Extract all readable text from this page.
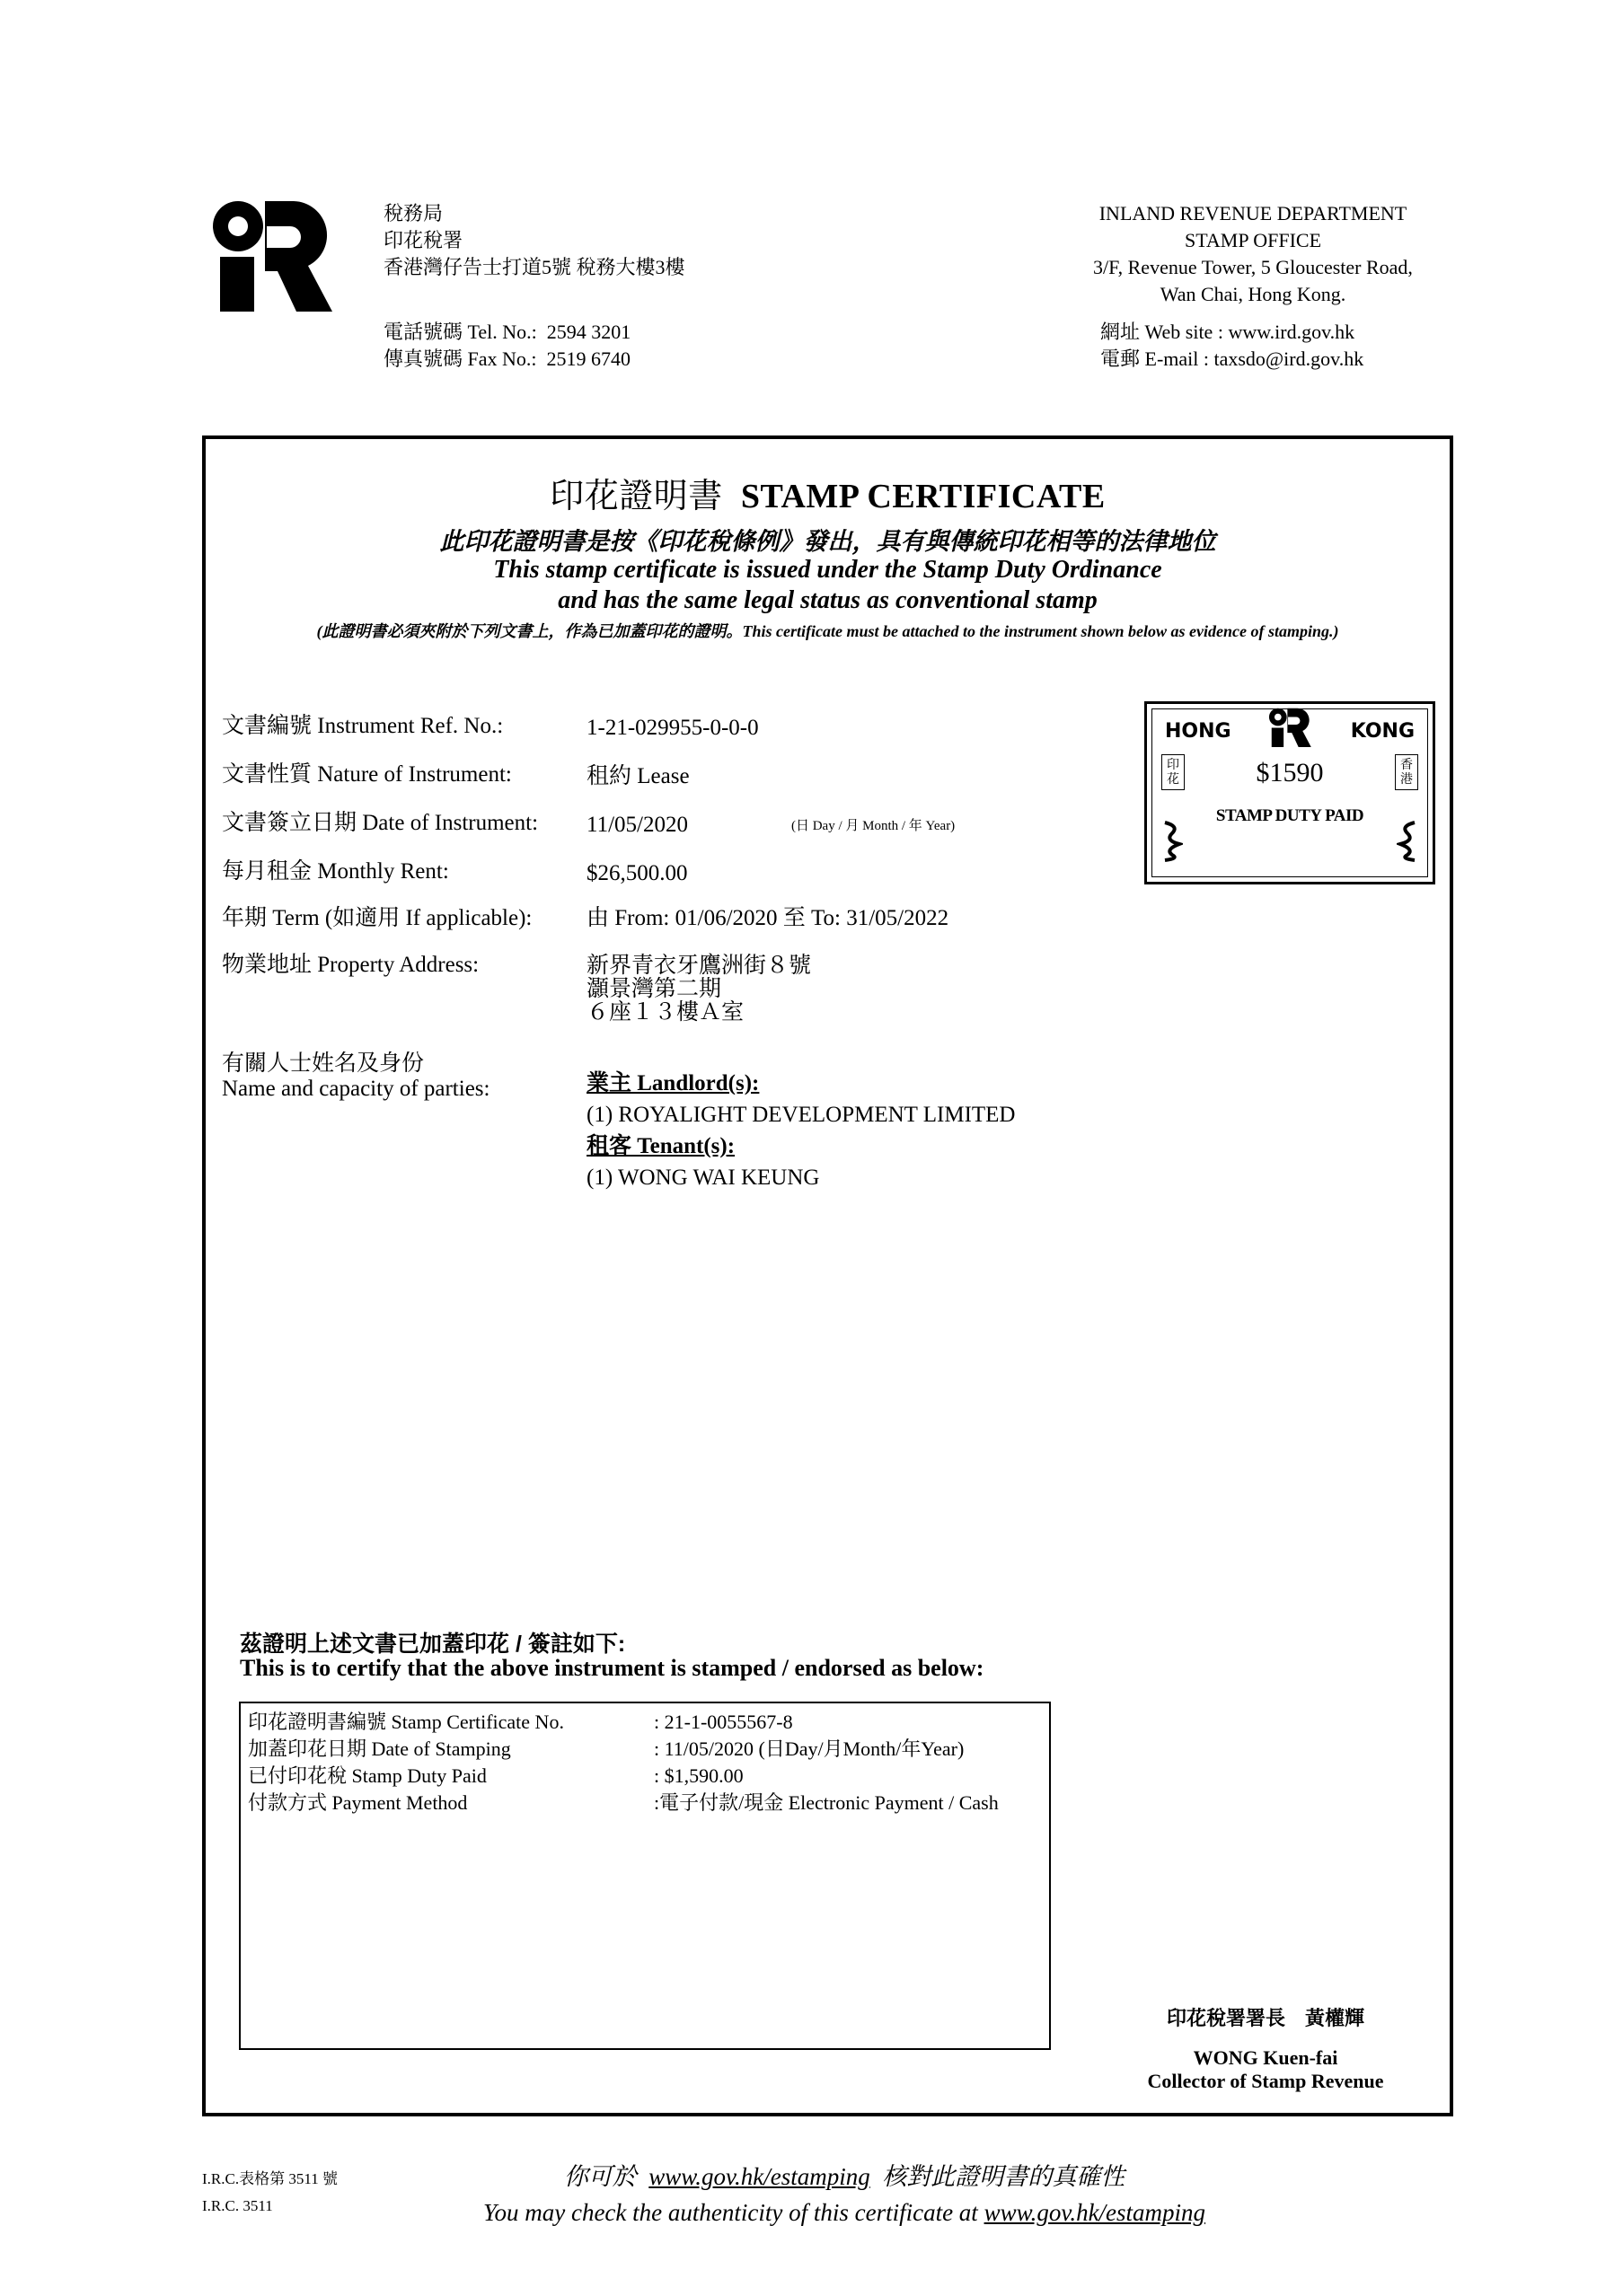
稅務局
印花稅署
香港灣仔告士打道5號 稅務大樓3樓
電話號碼 Tel. No.: 2594 3201
傳真號碼 Fax No.: 2519 6740
INLAND REVENUE DEPARTMENT
STAMP OFFICE
3/F, Revenue Tower, 5 Gloucester Road,
Wan Chai, Hong Kong.
網址 Web site : www.ird.gov.hk
電郵 E-mail : taxsdo@ird.gov.hk
印花證明書 STAMP CERTIFICATE
此印花證明書是按《印花稅條例》發出，具有與傳統印花相等的法律地位
This stamp certificate is issued under the Stamp Duty Ordinance
and has the same legal status as conventional stamp
(此證明書必須夾附於下列文書上，作為已加蓋印花的證明。This certificate must be attached to the instrument shown below as evidence of stamping.)
文書編號 Instrument Ref. No.:	1-21-029955-0-0-0
文書性質 Nature of Instrument:	租約 Lease
文書簽立日期 Date of Instrument: 11/05/2020	(日 Day / 月 Month / 年 Year)
每月租金 Monthly Rent:	$26,500.00
年期 Term (如適用 If applicable): 由 From: 01/06/2020 至 To: 31/05/2022
物業地址 Property Address:	新界青衣牙鷹洲街８號
灝景灣第二期
６座１３樓Ａ室
有關人士姓名及身份
Name and capacity of parties:	業主 Landlord(s):
(1) ROYALIGHT DEVELOPMENT LIMITED
租客 Tenant(s):
(1) WONG WAI KEUNG
HONG	KONG
印花
香港
$1590
STAMP DUTY PAID
茲證明上述文書已加蓋印花 / 簽註如下:
This is to certify that the above instrument is stamped / endorsed as below:
印花證明書編號 Stamp Certificate No.	: 21-1-0055567-8
加蓋印花日期 Date of Stamping	: 11/05/2020 (日Day/月Month/年Year)
已付印花稅 Stamp Duty Paid	: $1,590.00
付款方式 Payment Method	:電子付款/現金 Electronic Payment / Cash
印花稅署署長　黃權輝
WONG Kuen-fai
Collector of Stamp Revenue
I.R.C.表格第 3511 號
I.R.C. 3511
你可於 www.gov.hk/estamping 核對此證明書的真確性
You may check the authenticity of this certificate at www.gov.hk/estamping
